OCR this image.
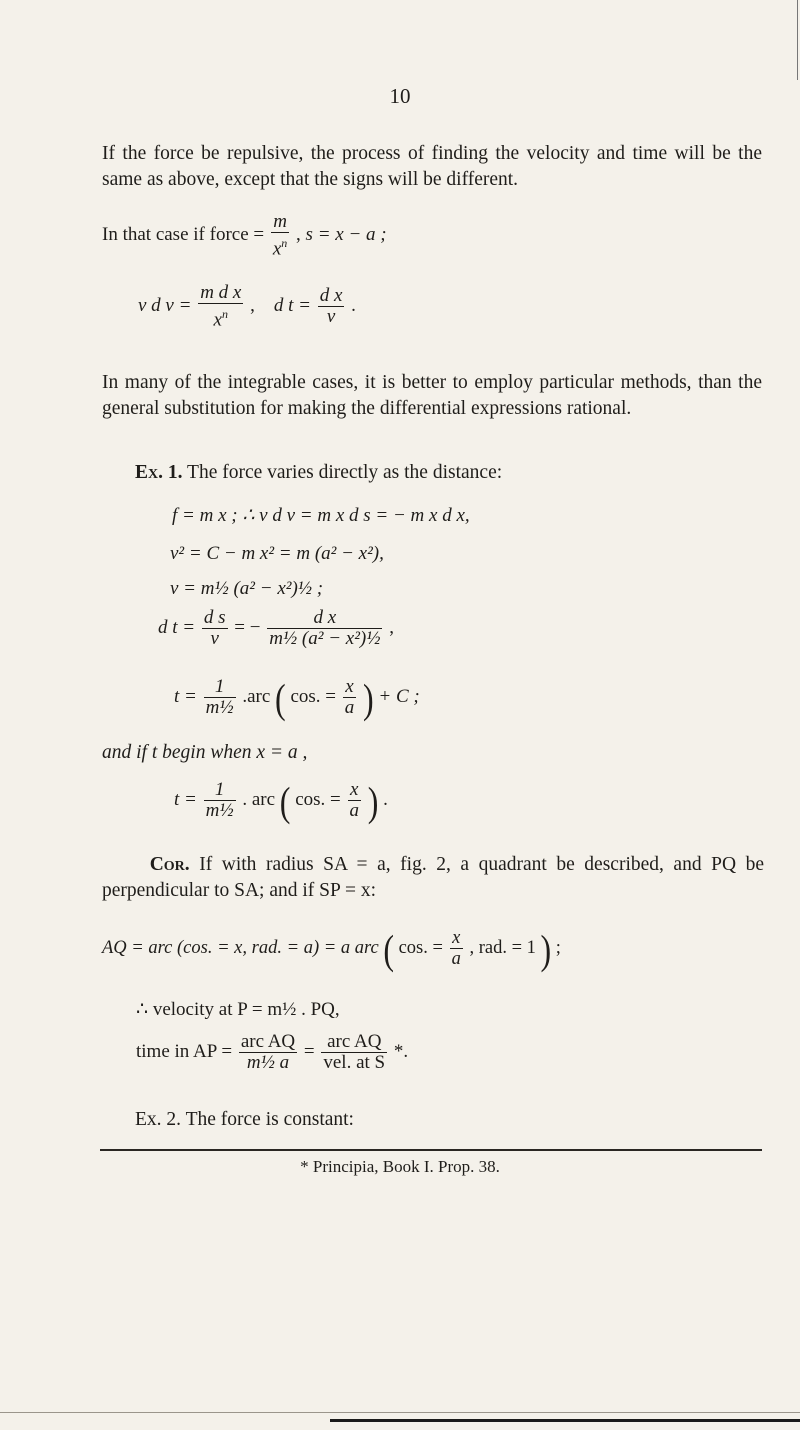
10
If the force be repulsive, the process of finding the velocity and time will be the same as above, except that the signs will be different.
In that case if force = $\frac{m}{x^n}$ , s = x − a ;
v d $v = \frac{\text{m d x}}{x^n}$ ,    d $t = \frac{\text{d x}}{v}$ .
In many of the integrable cases, it is better to employ particular methods, than the general substitution for making the differential expressions rational.
Ex. 1. The force varies directly as the distance:
f = m x ; ∴ v d v = m x d s = − m x d x,
v² = C − m x² = m (a² − x²),
v = m½ (a² − x²)½ ;
d $t = \frac{\text{d s}}{v}$ = − $\frac{\text{d x}}{\text{m½ (a² − x²)½}}$ ,
$t = \frac{1}{\text{m½}} .arc$ ( cos. = $\frac{x}{a}$ ) + C ;
and if t begin when x = a ,
$t = \frac{1}{\text{m½}}$ . arc ( cos. = $\frac{x}{a}$ ) .
Cor. If with radius SA = a, fig. 2, a quadrant be described, and PQ be perpendicular to SA; and if SP = x:
AQ = arc (cos. = x, rad. = a) = a arc ( cos. = $\frac{x}{a}$ , rad. = 1 ) ;
∴ velocity at P = m½ . PQ,
time in AP = $\frac{\text{arc AQ}}{\text{m½ a}} = \frac{\text{arc AQ}}{\text{vel. at S}}$ *.
Ex. 2. The force is constant:
* Principia, Book I. Prop. 38.
